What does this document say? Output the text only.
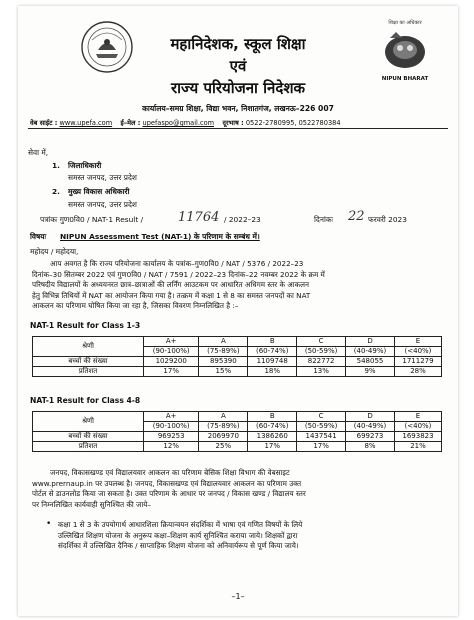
शिक्षा का अधिकार
NIPUN BHARAT
महानिदेशक, स्कूल शिक्षा
एवं
राज्य परियोजना निदेशक
कार्यालय–समग्र शिक्षा, विद्या भवन, निशातगंज, लखनऊ–226 007
वेब साईट : www.upefa.com ई–मेल : upefaspo@gmail.com दूरभाष : 0522-2780995, 0522780384
सेवा में,
1. जिलाधिकारी
समस्त जनपद, उत्तर प्रदेश
2. मुख्य विकास अधिकारी
समस्त जनपद, उत्तर प्रदेश
पत्रांकः गुण0वि0 / NAT-1 Result /	11764 / 2022–23	दिनांकः 22 फरवरी 2023
विषयः NIPUN Assessment Test (NAT-1) के परिणाम के सम्बंध में।
महोदय / महोदया,
आप अवगत है कि राज्य परियोजना कार्यालय के पत्रांक–गुण0वि0 / NAT / 5376 / 2022–23
दिनांक–30 सितम्बर 2022 एवं गुण0वि0 / NAT / 7591 / 2022–23 दिनांक–22 नवम्बर 2022 के क्रम में
परिषदीय विद्यालयों के अध्ययनरत छात्र–छात्राओं की लर्निंग आउटकम पर आधारित अधिगम स्तर के आकलन
हेतु विभिन्न तिथियों में NAT का आयोजन किया गया है। तत्क्रम में कक्षा 1 से 8 का समस्त जनपदों का NAT
आकलन का परिणाम घोषित किया जा रहा है, जिसका विवरण निम्नलिखित है :–
NAT-1 Result for Class 1-3
श्रेणी	A+	A	B	C	D	E
	(90-100%)	(75-89%)	(60-74%)	(50-59%)	(40-49%)	(<40%)
बच्चों की संख्या	1029200	895390	1109748	822772	548055	1711279
प्रतिशत	17%	15%	18%	13%	9%	28%
NAT-1 Result for Class 4-8
श्रेणी	A+	A	B	C	D	E
	(90-100%)	(75-89%)	(60-74%)	(50-59%)	(40-49%)	(<40%)
बच्चों की संख्या	969253	2069970	1386260	1437541	699273	1693823
प्रतिशत	12%	25%	17%	17%	8%	21%
जनपद, विकासखण्ड एवं विद्यालयवार आकलन का परिणाम बेसिक शिक्षा विभाग की वेबसाइट
www.prernaup.in पर उपलब्ध है। जनपद, विकासखण्ड एवं विद्यालयवार आकलन का परिणाम उक्त
पोर्टल से डाउनलोड किया जा सकता है। उक्त परिणाम के आधार पर जनपद / विकास खण्ड / विद्यालय स्तर
पर निम्नलिखित कार्यवाही सुनिश्चित की जाये–
• कक्षा 1 से 3 के उपयोगार्थ आधारशिला क्रियान्वयन संदर्शिका में भाषा एवं गणित विषयों के लिये
उल्लिखित शिक्षण योजना के अनुरूप कक्षा–शिक्षण कार्य सुनिश्चित कराया जाये। शिक्षकों द्वारा
संदर्शिका में उल्लिखित दैनिक / साप्ताहिक शिक्षण योजना को अनिवार्यरूप से पूर्ण किया जाये।
–1–
